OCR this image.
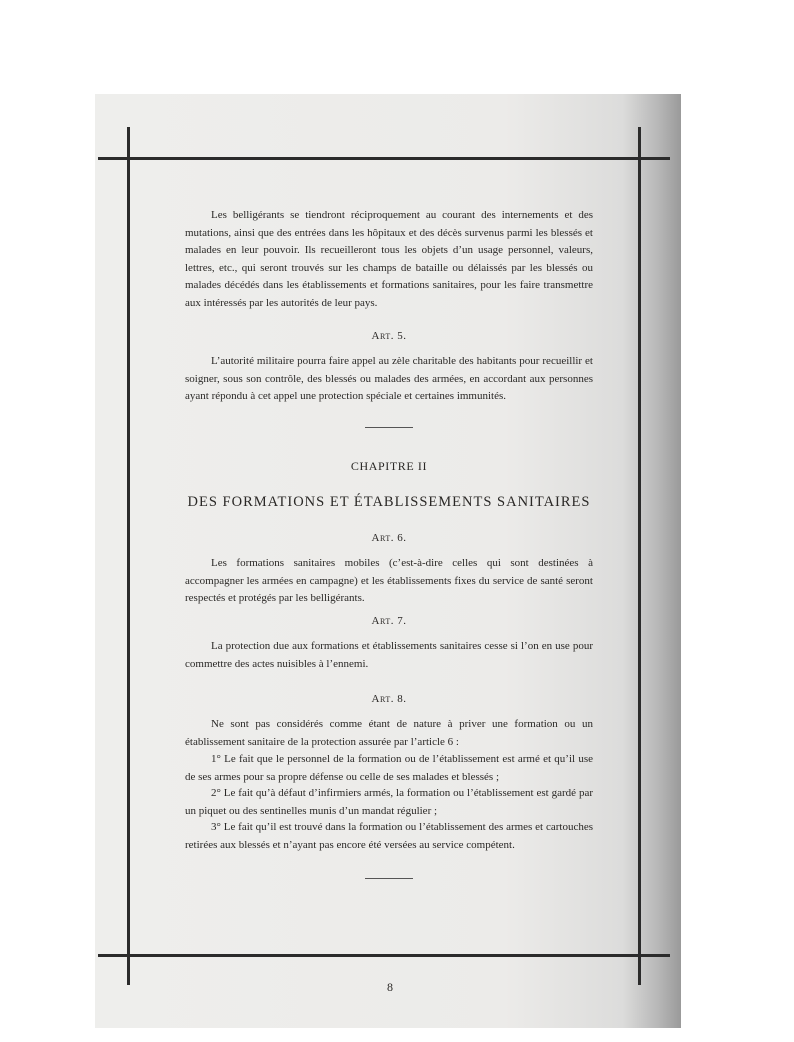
Les belligérants se tiendront réciproquement au courant des internements et des mutations, ainsi que des entrées dans les hôpitaux et des décès survenus parmi les blessés et malades en leur pouvoir. Ils recueilleront tous les objets d’un usage personnel, valeurs, lettres, etc., qui seront trouvés sur les champs de bataille ou délaissés par les blessés ou malades décédés dans les établissements et formations sanitaires, pour les faire transmettre aux intéressés par les autorités de leur pays.

Art. 5.

L’autorité militaire pourra faire appel au zèle charitable des habitants pour recueillir et soigner, sous son contrôle, des blessés ou malades des armées, en accordant aux personnes ayant répondu à cet appel une protection spéciale et certaines immunités.

CHAPITRE II
DES FORMATIONS ET ÉTABLISSEMENTS SANITAIRES
Art. 6.

Les formations sanitaires mobiles (c’est-à-dire celles qui sont destinées à accompagner les armées en campagne) et les établissements fixes du service de santé seront respectés et protégés par les belligérants.

Art. 7.

La protection due aux formations et établissements sanitaires cesse si l’on en use pour commettre des actes nuisibles à l’ennemi.

Art. 8.

Ne sont pas considérés comme étant de nature à priver une formation ou un établissement sanitaire de la protection assurée par l’article 6 :

1° Le fait que le personnel de la formation ou de l’établissement est armé et qu’il use de ses armes pour sa propre défense ou celle de ses malades et blessés ;

2° Le fait qu’à défaut d’infirmiers armés, la formation ou l’établissement est gardé par un piquet ou des sentinelles munis d’un mandat régulier ;

3° Le fait qu’il est trouvé dans la formation ou l’établissement des armes et cartouches retirées aux blessés et n’ayant pas encore été versées au service compétent.

8
